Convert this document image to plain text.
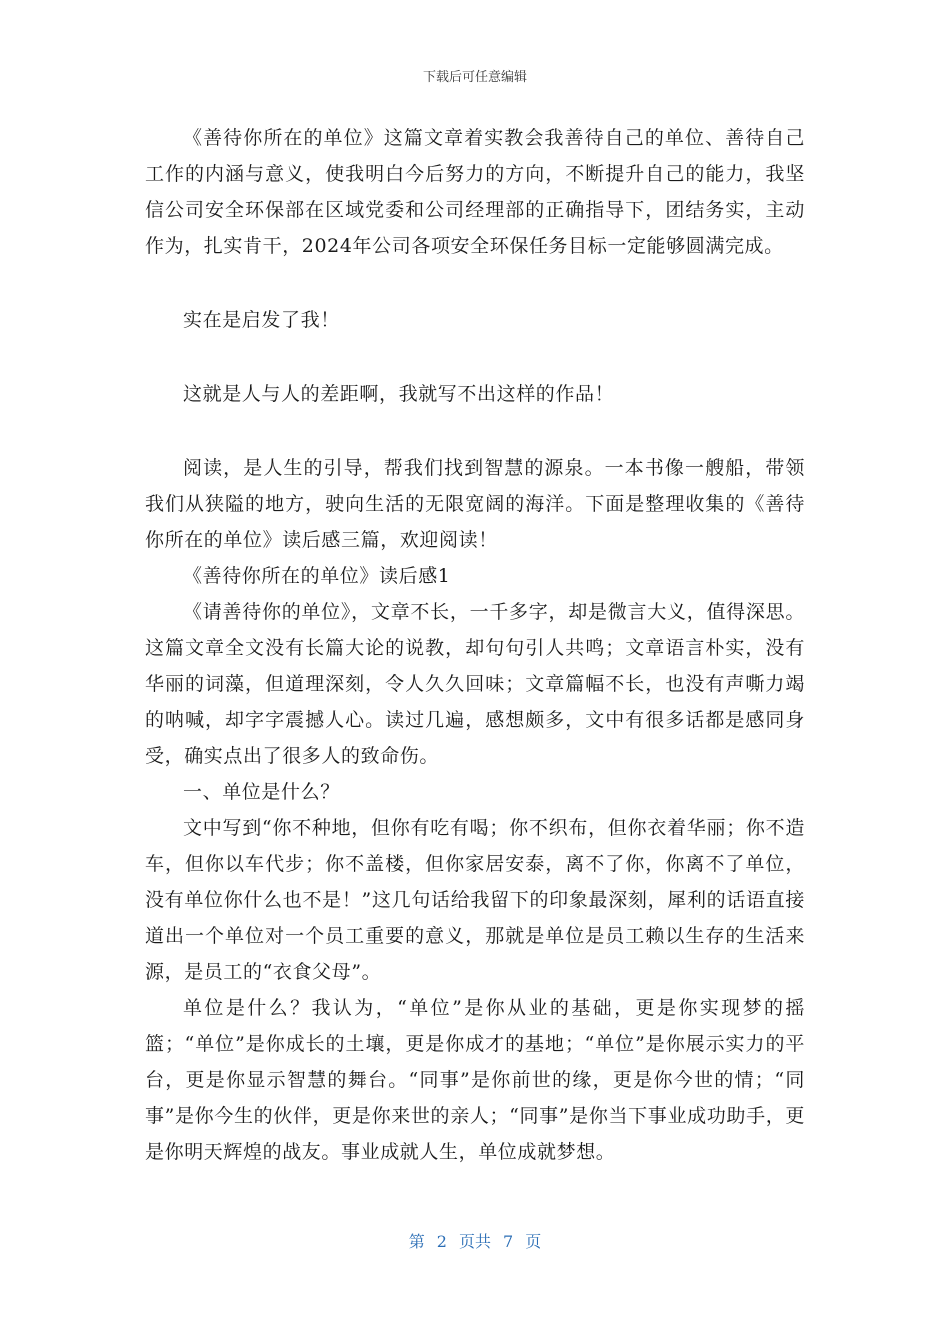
下载后可任意编辑

《善待你所在的单位》这篇文章着实教会我善待自己的单位、善待自己工作的内涵与意义，使我明白今后努力的方向，不断提升自己的能力，我坚信公司安全环保部在区域党委和公司经理部的正确指导下，团结务实，主动作为，扎实肯干，2024年公司各项安全环保任务目标一定能够圆满完成。

实在是启发了我！

这就是人与人的差距啊，我就写不出这样的作品！

阅读，是人生的引导，帮我们找到智慧的源泉。一本书像一艘船，带领我们从狭隘的地方，驶向生活的无限宽阔的海洋。下面是整理收集的《善待你所在的单位》读后感三篇，欢迎阅读！

《善待你所在的单位》读后感1

《请善待你的单位》，文章不长，一千多字，却是微言大义，值得深思。这篇文章全文没有长篇大论的说教，却句句引人共鸣；文章语言朴实，没有华丽的词藻，但道理深刻，令人久久回味；文章篇幅不长，也没有声嘶力竭的呐喊，却字字震撼人心。读过几遍，感想颇多，文中有很多话都是感同身受，确实点出了很多人的致命伤。

一、单位是什么？

文中写到“你不种地，但你有吃有喝；你不织布，但你衣着华丽；你不造车，但你以车代步；你不盖楼，但你家居安泰，离不了你，你离不了单位，没有单位你什么也不是！”这几句话给我留下的印象最深刻，犀利的话语直接道出一个单位对一个员工重要的意义，那就是单位是员工赖以生存的生活来源，是员工的“衣食父母”。

单位是什么？我认为，“单位”是你从业的基础，更是你实现梦的摇篮；“单位”是你成长的土壤，更是你成才的基地；“单位”是你展示实力的平台，更是你显示智慧的舞台。“同事”是你前世的缘，更是你今世的情；“同事”是你今生的伙伴，更是你来世的亲人；“同事”是你当下事业成功助手，更是你明天辉煌的战友。事业成就人生，单位成就梦想。

第 2 页共 7 页
